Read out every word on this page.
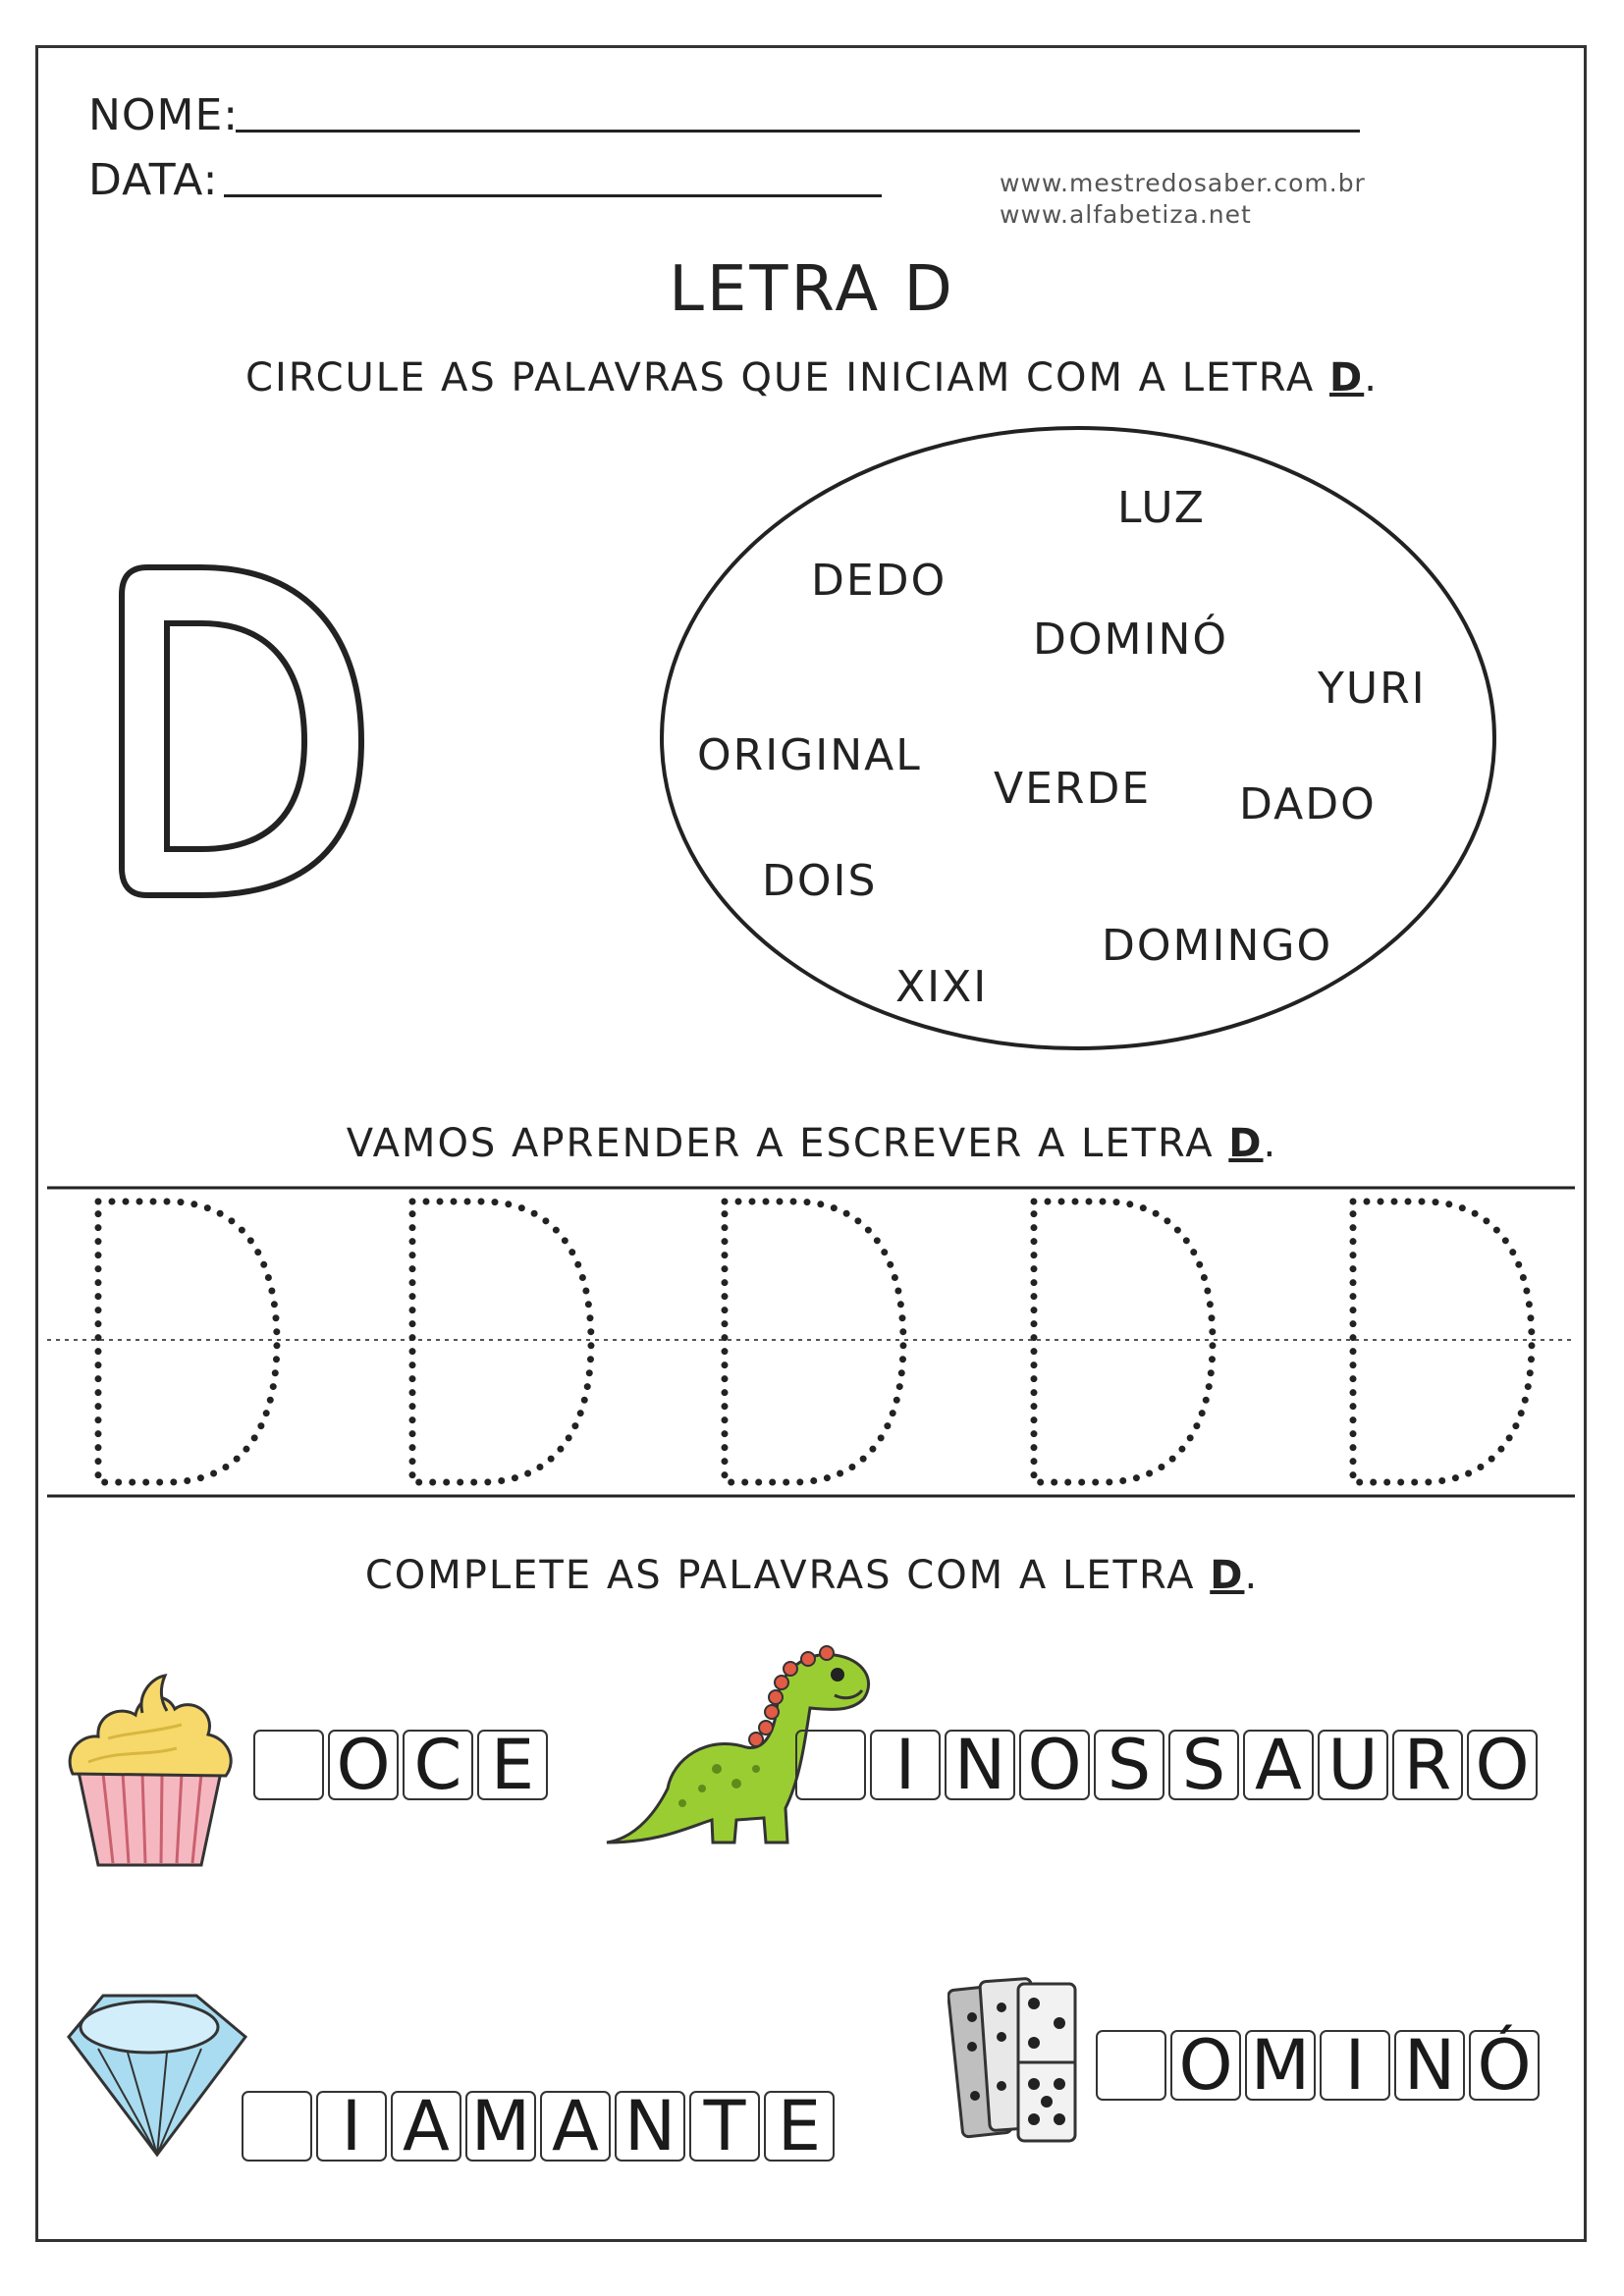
NOME:
DATA:	www.mestredosaber.com.br
www.alfabetiza.net
LETRA D
CIRCULE AS PALAVRAS QUE INICIAM COM A LETRA D.
LUZ
DEDO
DOMINÓ
YURI
ORIGINAL
VERDE DADO
DOIS
DOMINGO
XIXI
VAMOS APRENDER A ESCREVER A LETRA D.
COMPLETE AS PALAVRAS COM A LETRA D.
O C E	I N O S S A U R O
I A M A N T E
O M I N Ó
